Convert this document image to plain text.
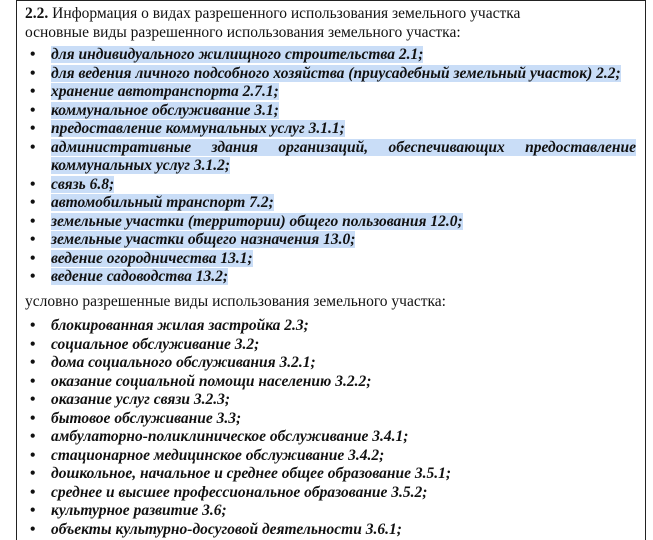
2.2. Информация о видах разрешенного использования земельного участка
основные виды разрешенного использования земельного участка:
• для индивидуального жилищного строительства 2.1;
• для ведения личного подсобного хозяйства (приусадебный земельный участок) 2.2;
• хранение автотранспорта 2.7.1;
• коммунальное обслуживание 3.1;
• предоставление коммунальных услуг 3.1.1;
• административные здания организаций, обеспечивающих предоставление коммунальных услуг 3.1.2;
• связь 6.8;
• автомобильный транспорт 7.2;
• земельные участки (территории) общего пользования 12.0;
• земельные участки общего назначения 13.0;
• ведение огородничества 13.1;
• ведение садоводства 13.2;
условно разрешенные виды использования земельного участка:
• блокированная жилая застройка 2.3;
• социальное обслуживание 3.2;
• дома социального обслуживания 3.2.1;
• оказание социальной помощи населению 3.2.2;
• оказание услуг связи 3.2.3;
• бытовое обслуживание 3.3;
• амбулаторно-поликлиническое обслуживание 3.4.1;
• стационарное медицинское обслуживание 3.4.2;
• дошкольное, начальное и среднее общее образование 3.5.1;
• среднее и высшее профессиональное образование 3.5.2;
• культурное развитие 3.6;
• объекты культурно-досуговой деятельности 3.6.1;
